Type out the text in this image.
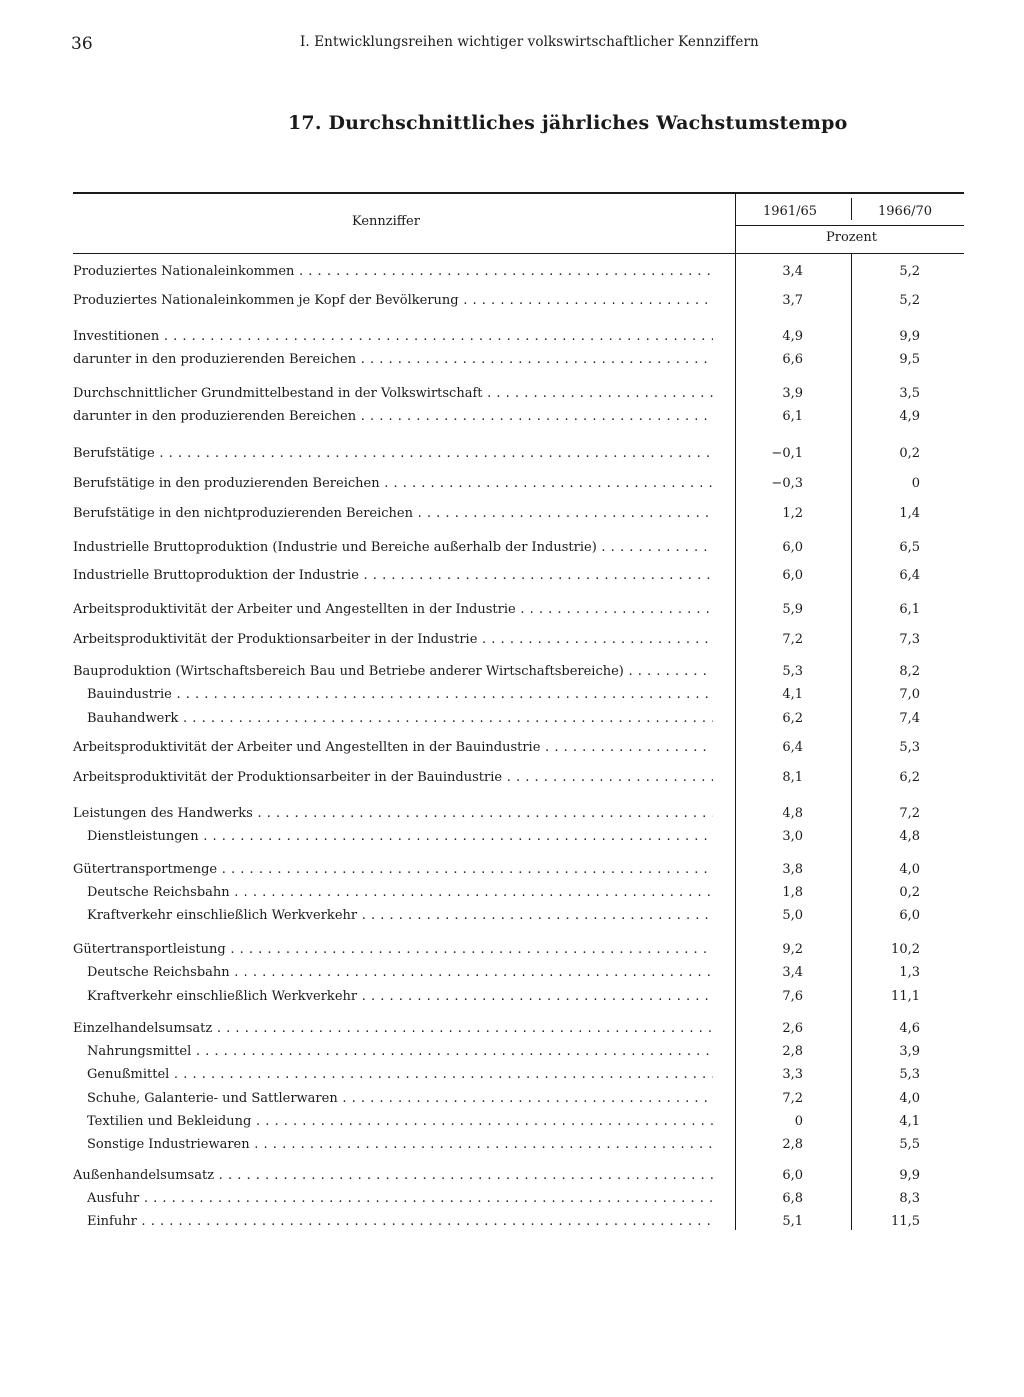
36	I. Entwicklungsreihen wichtiger volkswirtschaftlicher Kennziffern
17. Durchschnittliches jährliches Wachstumstempo
Kennziffer
1961/65	1966/70
Prozent
Produziertes Nationaleinkommen . . .	3,4	5,2
Produziertes Nationaleinkommen je Kopf der Bevölkerung . . .	3,7	5,2
Investitionen . . .	4,9	9,9
darunter in den produzierenden Bereichen . . .	6,6	9,5
Durchschnittlicher Grundmittelbestand in der Volkswirtschaft . . .	3,9	3,5
darunter in den produzierenden Bereichen . . .	6,1	4,9
Berufstätige . . .	−0,1	0,2
Berufstätige in den produzierenden Bereichen . . .	−0,3	0
Berufstätige in den nichtproduzierenden Bereichen . . .	1,2	1,4
Industrielle Bruttoproduktion (Industrie und Bereiche außerhalb der Industrie) . . .	6,0	6,5
Industrielle Bruttoproduktion der Industrie . . .	6,0	6,4
Arbeitsproduktivität der Arbeiter und Angestellten in der Industrie . . .	5,9	6,1
Arbeitsproduktivität der Produktionsarbeiter in der Industrie . . .	7,2	7,3
Bauproduktion (Wirtschaftsbereich Bau und Betriebe anderer Wirtschaftsbereiche) . . .	5,3	8,2
Bauindustrie . . .	4,1	7,0
Bauhandwerk . . .	6,2	7,4
Arbeitsproduktivität der Arbeiter und Angestellten in der Bauindustrie . . .	6,4	5,3
Arbeitsproduktivität der Produktionsarbeiter in der Bauindustrie . . .	8,1	6,2
Leistungen des Handwerks . . .	4,8	7,2
Dienstleistungen . . .	3,0	4,8
Gütertransportmenge . . .	3,8	4,0
Deutsche Reichsbahn . . .	1,8	0,2
Kraftverkehr einschließlich Werkverkehr . . .	5,0	6,0
Gütertransportleistung . . .	9,2	10,2
Deutsche Reichsbahn . . .	3,4	1,3
Kraftverkehr einschließlich Werkverkehr . . .	7,6	11,1
Einzelhandelsumsatz . . .	2,6	4,6
Nahrungsmittel . . .	2,8	3,9
Genußmittel . . .	3,3	5,3
Schuhe, Galanterie- und Sattlerwaren . . .	7,2	4,0
Textilien und Bekleidung . . .	0	4,1
Sonstige Industriewaren . . .	2,8	5,5
Außenhandelsumsatz . . .	6,0	9,9
Ausfuhr . . .	6,8	8,3
Einfuhr . . .	5,1	11,5
